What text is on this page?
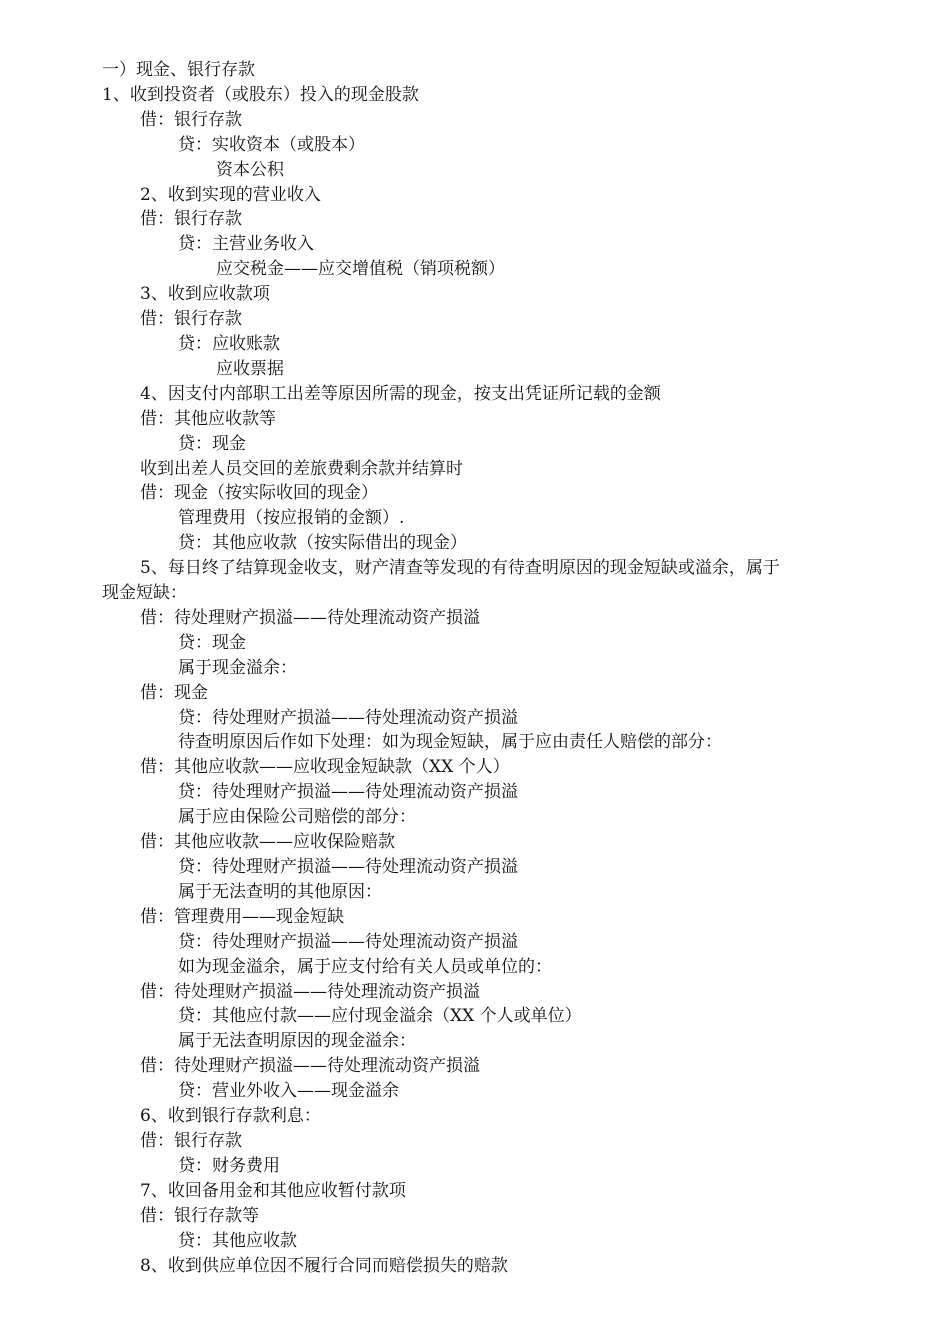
一）现金、银行存款
1、收到投资者（或股东）投入的现金股款
借：银行存款
贷：实收资本（或股本）
资本公积
2、收到实现的营业收入
借：银行存款
贷：主营业务收入
应交税金——应交增值税（销项税额）
3、收到应收款项
借：银行存款
贷：应收账款
应收票据
4、因支付内部职工出差等原因所需的现金，按支出凭证所记载的金额
借：其他应收款等
贷：现金
收到出差人员交回的差旅费剩余款并结算时
借：现金（按实际收回的现金）
管理费用（按应报销的金额）.
贷：其他应收款（按实际借出的现金）
5、每日终了结算现金收支，财产清查等发现的有待查明原因的现金短缺或溢余，属于
现金短缺：
借：待处理财产损溢——待处理流动资产损溢
贷：现金
属于现金溢余：
借：现金
贷：待处理财产损溢——待处理流动资产损溢
待查明原因后作如下处理：如为现金短缺，属于应由责任人赔偿的部分：
借：其他应收款——应收现金短缺款（XX 个人）
贷：待处理财产损溢——待处理流动资产损溢
属于应由保险公司赔偿的部分：
借：其他应收款——应收保险赔款
贷：待处理财产损溢——待处理流动资产损溢
属于无法查明的其他原因：
借：管理费用——现金短缺
贷：待处理财产损溢——待处理流动资产损溢
如为现金溢余，属于应支付给有关人员或单位的：
借：待处理财产损溢——待处理流动资产损溢
贷：其他应付款——应付现金溢余（XX 个人或单位）
属于无法查明原因的现金溢余：
借：待处理财产损溢——待处理流动资产损溢
贷：营业外收入——现金溢余
6、收到银行存款利息：
借：银行存款
贷：财务费用
7、收回备用金和其他应收暂付款项
借：银行存款等
贷：其他应收款
8、收到供应单位因不履行合同而赔偿损失的赔款
